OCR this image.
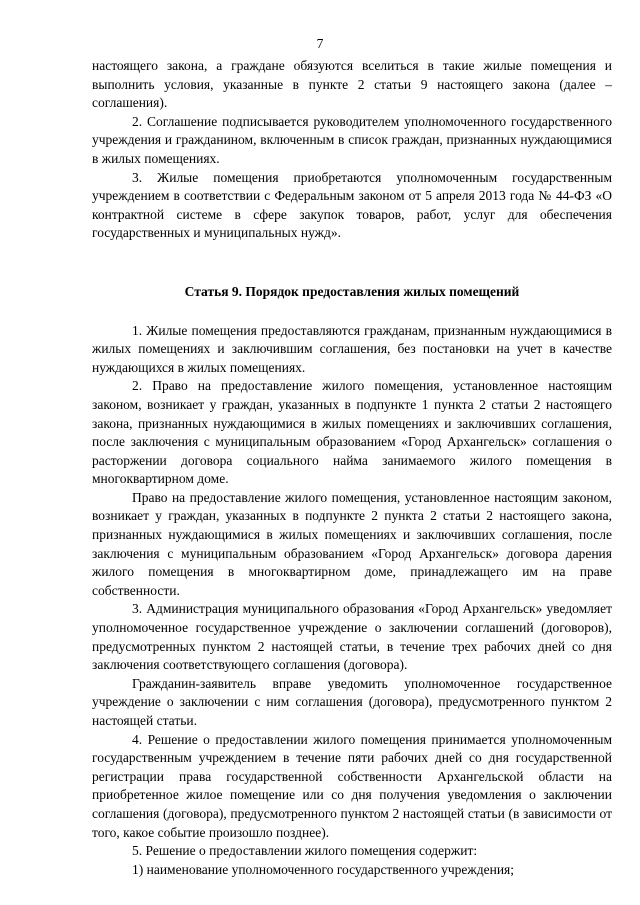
7

настоящего закона, а граждане обязуются вселиться в такие жилые помещения и выполнить условия, указанные в пункте 2 статьи 9 настоящего закона (далее – соглашения).

2. Соглашение подписывается руководителем уполномоченного государственного учреждения и гражданином, включенным в список граждан, признанных нуждающимися в жилых помещениях.

3. Жилые помещения приобретаются уполномоченным государственным учреждением в соответствии с Федеральным законом от 5 апреля 2013 года № 44-ФЗ «О контрактной системе в сфере закупок товаров, работ, услуг для обеспечения государственных и муниципальных нужд».

Статья 9. Порядок предоставления жилых помещений

1. Жилые помещения предоставляются гражданам, признанным нуждающимися в жилых помещениях и заключившим соглашения, без постановки на учет в качестве нуждающихся в жилых помещениях.

2. Право на предоставление жилого помещения, установленное настоящим законом, возникает у граждан, указанных в подпункте 1 пункта 2 статьи 2 настоящего закона, признанных нуждающимися в жилых помещениях и заключивших соглашения, после заключения с муниципальным образованием «Город Архангельск» соглашения о расторжении договора социального найма занимаемого жилого помещения в многоквартирном доме.

Право на предоставление жилого помещения, установленное настоящим законом, возникает у граждан, указанных в подпункте 2 пункта 2 статьи 2 настоящего закона, признанных нуждающимися в жилых помещениях и заключивших соглашения, после заключения с муниципальным образованием «Город Архангельск» договора дарения жилого помещения в многоквартирном доме, принадлежащего им на праве собственности.

3. Администрация муниципального образования «Город Архангельск» уведомляет уполномоченное государственное учреждение о заключении соглашений (договоров), предусмотренных пунктом 2 настоящей статьи, в течение трех рабочих дней со дня заключения соответствующего соглашения (договора).

Гражданин-заявитель вправе уведомить уполномоченное государственное учреждение о заключении с ним соглашения (договора), предусмотренного пунктом 2 настоящей статьи.

4. Решение о предоставлении жилого помещения принимается уполномоченным государственным учреждением в течение пяти рабочих дней со дня государственной регистрации права государственной собственности Архангельской области на приобретенное жилое помещение или со дня получения уведомления о заключении соглашения (договора), предусмотренного пунктом 2 настоящей статьи (в зависимости от того, какое событие произошло позднее).

5. Решение о предоставлении жилого помещения содержит:

1) наименование уполномоченного государственного учреждения;
